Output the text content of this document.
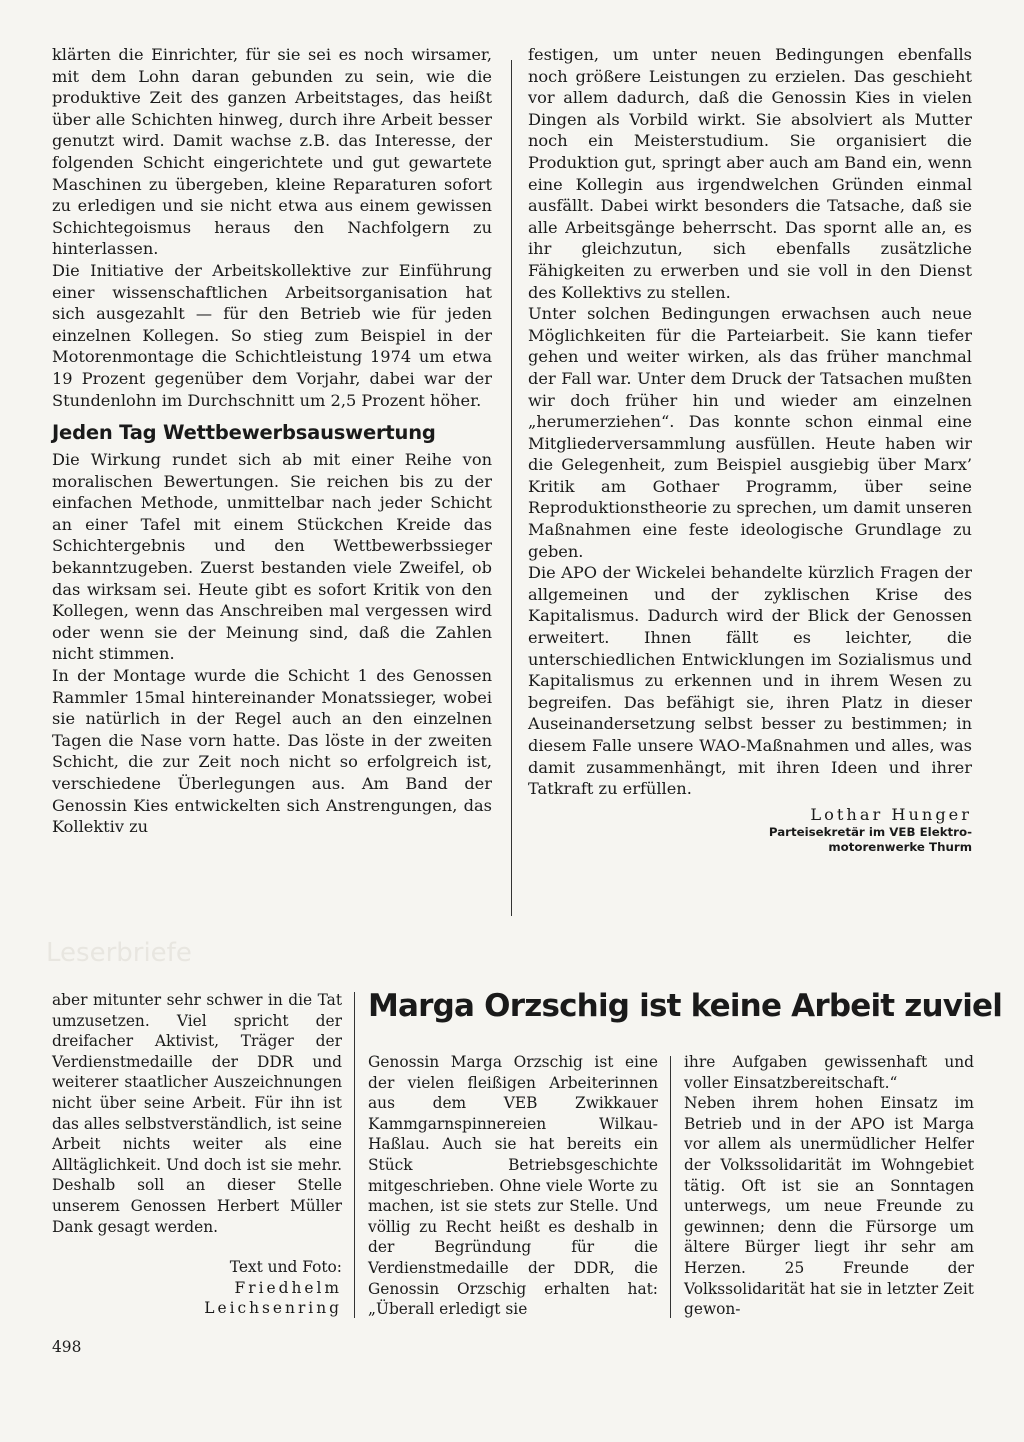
klärten die Einrichter, für sie sei es noch wirsamer, mit dem Lohn daran gebunden zu sein, wie die produktive Zeit des ganzen Arbeitstages, das heißt über alle Schichten hinweg, durch ihre Arbeit besser genutzt wird. Damit wachse z.B. das Interesse, der folgenden Schicht eingerichtete und gut gewartete Maschinen zu übergeben, kleine Reparaturen sofort zu erledigen und sie nicht etwa aus einem gewissen Schichtegoismus heraus den Nachfolgern zu hinterlassen.

Die Initiative der Arbeitskollektive zur Einführung einer wissenschaftlichen Arbeitsorganisation hat sich ausgezahlt — für den Betrieb wie für jeden einzelnen Kollegen. So stieg zum Beispiel in der Motorenmontage die Schichtleistung 1974 um etwa 19 Prozent gegenüber dem Vorjahr, dabei war der Stundenlohn im Durchschnitt um 2,5 Prozent höher.

Jeden Tag Wettbewerbsauswertung

Die Wirkung rundet sich ab mit einer Reihe von moralischen Bewertungen. Sie reichen bis zu der einfachen Methode, unmittelbar nach jeder Schicht an einer Tafel mit einem Stückchen Kreide das Schichtergebnis und den Wettbewerbssieger bekanntzugeben. Zuerst bestanden viele Zweifel, ob das wirksam sei. Heute gibt es sofort Kritik von den Kollegen, wenn das Anschreiben mal vergessen wird oder wenn sie der Meinung sind, daß die Zahlen nicht stimmen.

In der Montage wurde die Schicht 1 des Genossen Rammler 15mal hintereinander Monatssieger, wobei sie natürlich in der Regel auch an den einzelnen Tagen die Nase vorn hatte. Das löste in der zweiten Schicht, die zur Zeit noch nicht so erfolgreich ist, verschiedene Überlegungen aus. Am Band der Genossin Kies entwickelten sich Anstrengungen, das Kollektiv zu

festigen, um unter neuen Bedingungen ebenfalls noch größere Leistungen zu erzielen. Das geschieht vor allem dadurch, daß die Genossin Kies in vielen Dingen als Vorbild wirkt. Sie absolviert als Mutter noch ein Meisterstudium. Sie organisiert die Produktion gut, springt aber auch am Band ein, wenn eine Kollegin aus irgendwelchen Gründen einmal ausfällt. Dabei wirkt besonders die Tatsache, daß sie alle Arbeitsgänge beherrscht. Das spornt alle an, es ihr gleichzutun, sich ebenfalls zusätzliche Fähigkeiten zu erwerben und sie voll in den Dienst des Kollektivs zu stellen.

Unter solchen Bedingungen erwachsen auch neue Möglichkeiten für die Parteiarbeit. Sie kann tiefer gehen und weiter wirken, als das früher manchmal der Fall war. Unter dem Druck der Tatsachen mußten wir doch früher hin und wieder am einzelnen „herumerziehen“. Das konnte schon einmal eine Mitgliederversammlung ausfüllen. Heute haben wir die Gelegenheit, zum Beispiel ausgiebig über Marx’ Kritik am Gothaer Programm, über seine Reproduktionstheorie zu sprechen, um damit unseren Maßnahmen eine feste ideologische Grundlage zu geben.

Die APO der Wickelei behandelte kürzlich Fragen der allgemeinen und der zyklischen Krise des Kapitalismus. Dadurch wird der Blick der Genossen erweitert. Ihnen fällt es leichter, die unterschiedlichen Entwicklungen im Sozialismus und Kapitalismus zu erkennen und in ihrem Wesen zu begreifen. Das befähigt sie, ihren Platz in dieser Auseinandersetzung selbst besser zu bestimmen; in diesem Falle unsere WAO-Maßnahmen und alles, was damit zusammenhängt, mit ihren Ideen und ihrer Tatkraft zu erfüllen.

Lothar Hunger
Parteisekretär im VEB Elektro-
motorenwerke Thurm
Leserbriefe

aber mitunter sehr schwer in die Tat umzusetzen. Viel spricht der dreifacher Aktivist, Träger der Verdienstmedaille der DDR und weiterer staatlicher Auszeichnungen nicht über seine Arbeit. Für ihn ist das alles selbstverständlich, ist seine Arbeit nichts weiter als eine Alltäglichkeit. Und doch ist sie mehr. Deshalb soll an dieser Stelle unserem Genossen Herbert Müller Dank gesagt werden.

Text und Foto:
Friedhelm
Leichsenring
Marga Orzschig ist keine Arbeit zuviel

Genossin Marga Orzschig ist eine der vielen fleißigen Arbeiterinnen aus dem VEB Zwikkauer Kammgarnspinnereien Wilkau-Haßlau. Auch sie hat bereits ein Stück Betriebsgeschichte mitgeschrieben. Ohne viele Worte zu machen, ist sie stets zur Stelle. Und völlig zu Recht heißt es deshalb in der Begründung für die Verdienstmedaille der DDR, die Genossin Orzschig erhalten hat: „Überall erledigt sie

ihre Aufgaben gewissenhaft und voller Einsatzbereitschaft.“

Neben ihrem hohen Einsatz im Betrieb und in der APO ist Marga vor allem als unermüdlicher Helfer der Volkssolidarität im Wohngebiet tätig. Oft ist sie an Sonntagen unterwegs, um neue Freunde zu gewinnen; denn die Fürsorge um ältere Bürger liegt ihr sehr am Herzen. 25 Freunde der Volkssolidarität hat sie in letzter Zeit gewon-

498
